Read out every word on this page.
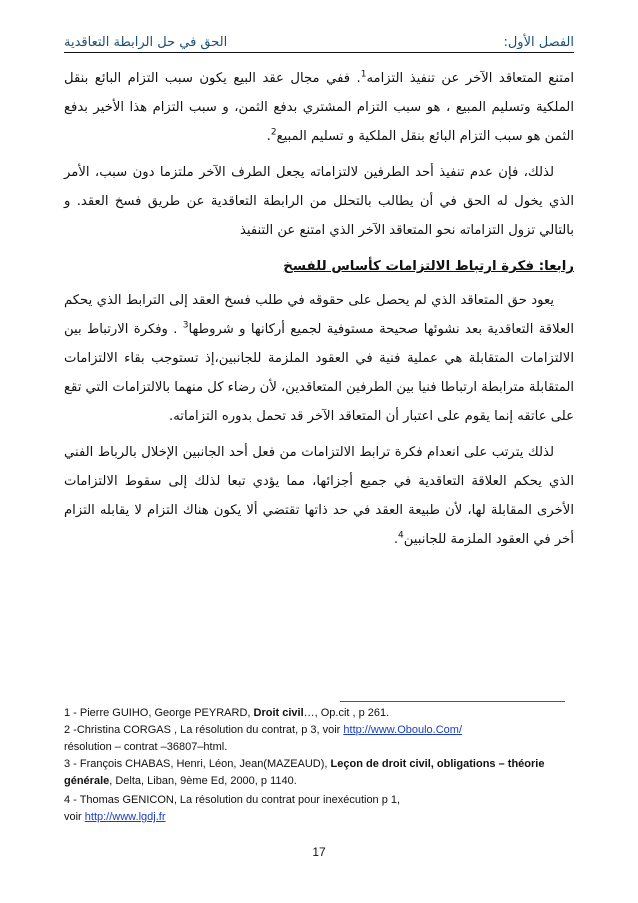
الحق في حل الرابطة التعاقدية	الفصل الأول:

امتنع المتعاقد الآخر عن تنفيذ التزامه$^1$. ففي مجال عقد البيع يكون سبب التزام البائع بنقل الملكية وتسليم المبيع ، هو سبب التزام المشتري بدفع الثمن، و سبب التزام هذا الأخير بدفع الثمن هو سبب التزام البائع بنقل الملكية و تسليم المبيع$^2$.

لذلك، فإن عدم تنفيذ أحد الطرفين لالتزاماته يجعل الطرف الآخر ملتزما دون سبب، الأمر الذي يخول له الحق في أن يطالب بالتحلل من الرابطة التعاقدية عن طريق فسخ العقد. و بالتالي تزول التزاماته نحو المتعاقد الآخر الذي امتنع عن التنفيذ

رابعا: فكرة ارتباط الالتزامات كأساس للفسخ

يعود حق المتعاقد الذي لم يحصل على حقوقه في طلب فسخ العقد إلى الترابط الذي يحكم العلاقة التعاقدية بعد نشوئها صحيحة مستوفية لجميع أركانها و شروطها$^3$ . وفكرة الارتباط بين الالتزامات المتقابلة هي عملية فنية في العقود الملزمة للجانبين،إذ تستوجب بقاء الالتزامات المتقابلة مترابطة ارتباطا فنيا بين الطرفين المتعاقدين، لأن رضاء كل منهما بالالتزامات التي تقع على عاتقه إنما يقوم على اعتبار أن المتعاقد الآخر قد تحمل بدوره التزاماته.

لذلك يترتب على انعدام فكرة ترابط الالتزامات من فعل أحد الجانبين الإخلال بالرباط الفني الذي يحكم العلاقة التعاقدية في جميع أجزائها، مما يؤدي تبعا لذلك إلى سقوط الالتزامات الأخرى المقابلة لها، لأن طبيعة العقد في حد ذاتها تقتضي ألا يكون هناك التزام لا يقابله التزام أخر في العقود الملزمة للجانبين$^4$.

1 - Pierre GUIHO, George PEYRARD, Droit civil…, Op.cit , p 261.

2 -Christina CORGAS , La résolution du contrat, p 3, voir http://www.Oboulo.Com/
résolution – contrat –36807–html.

3 - François CHABAS, Henri, Léon, Jean(MAZEAUD), Leçon de droit civil, obligations – théorie générale, Delta, Liban, 9ème Ed, 2000, p 1140.

4 - Thomas GENICON, La résolution du contrat pour inexécution p 1,
voir http://www.lgdj.fr

17
